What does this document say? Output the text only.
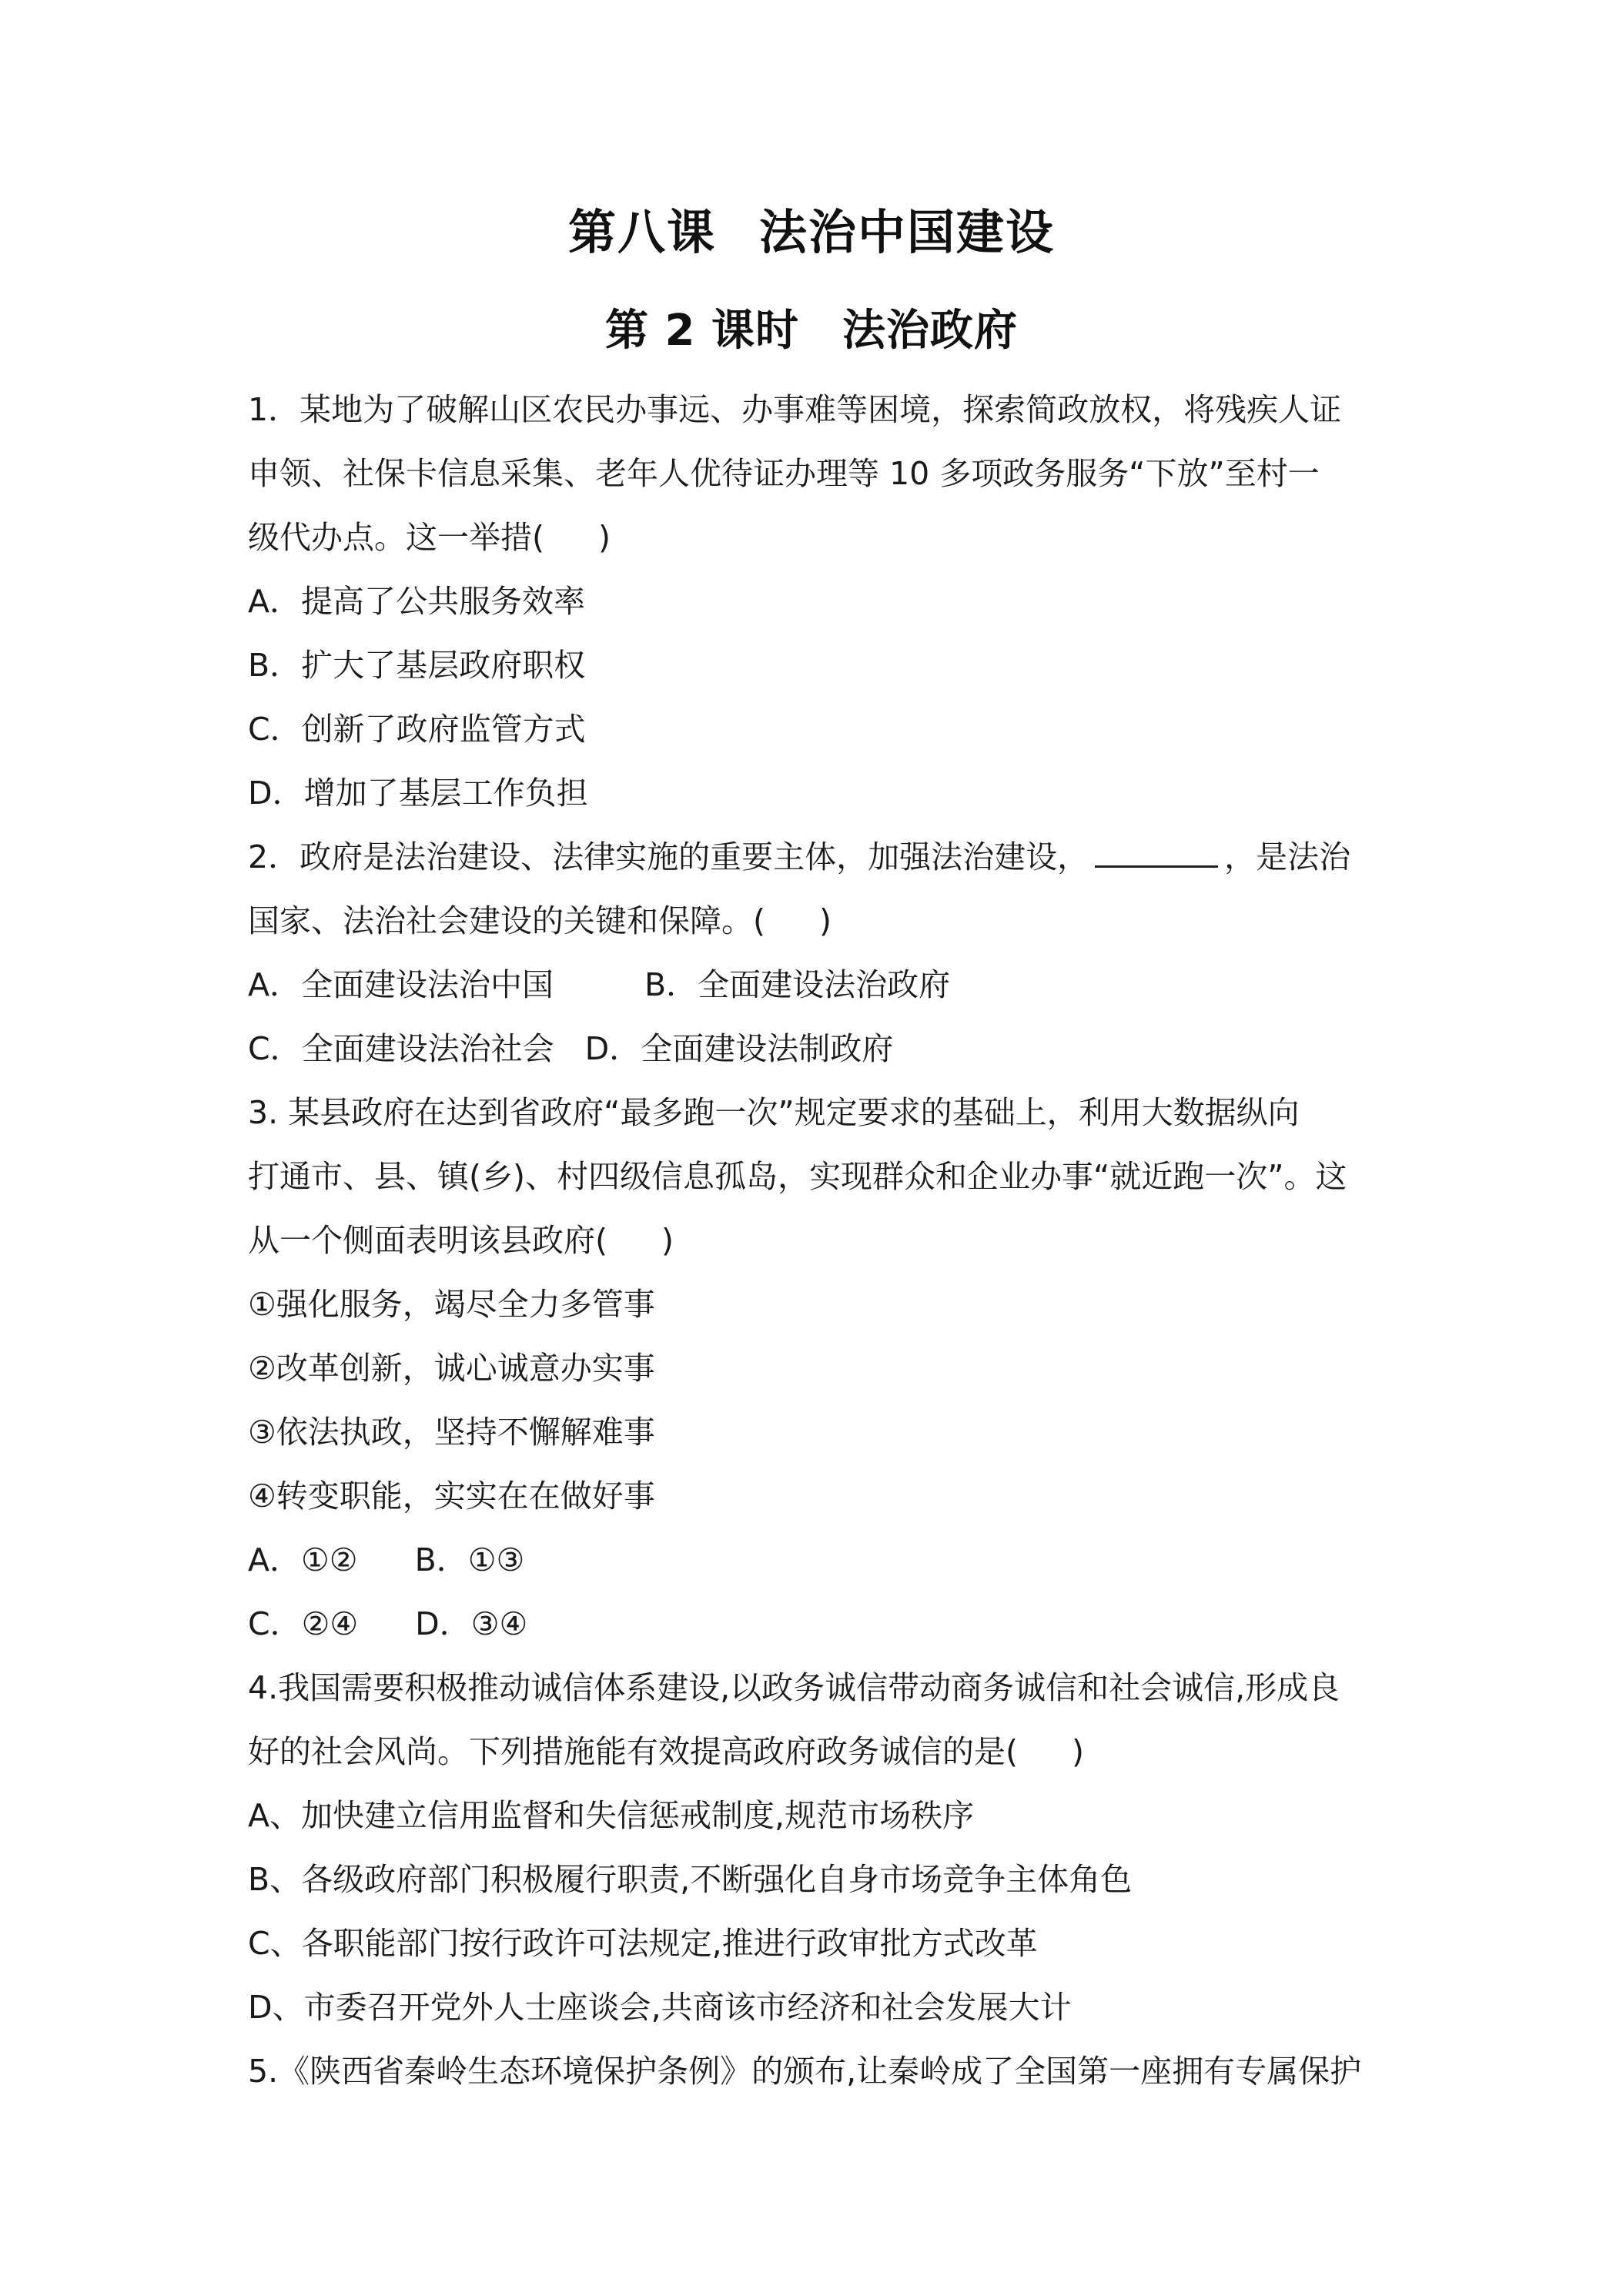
第八课 法治中国建设
第 2 课时 法治政府
1．某地为了破解山区农民办事远、办事难等困境，探索简政放权，将残疾人证
申领、社保卡信息采集、老年人优待证办理等 10 多项政务服务“下放”至村一
级代办点。这一举措( )
A．提高了公共服务效率
B．扩大了基层政府职权
C．创新了政府监管方式
D．增加了基层工作负担
2．政府是法治建设、法律实施的重要主体，加强法治建设，	，是法治
国家、法治社会建设的关键和保障。( )
A．全面建设法治中国	B．全面建设法治政府
C．全面建设法治社会 D．全面建设法制政府
3. 某县政府在达到省政府“最多跑一次”规定要求的基础上，利用大数据纵向
打通市、县、镇(乡)、村四级信息孤岛，实现群众和企业办事“就近跑一次”。这
从一个侧面表明该县政府( )
①强化服务，竭尽全力多管事
②改革创新，诚心诚意办实事
③依法执政，坚持不懈解难事
④转变职能，实实在在做好事
A．①② B．①③
C．②④ D．③④
4.我国需要积极推动诚信体系建设,以政务诚信带动商务诚信和社会诚信,形成良
好的社会风尚。下列措施能有效提高政府政务诚信的是( )
A、加快建立信用监督和失信惩戒制度,规范市场秩序
B、各级政府部门积极履行职责,不断强化自身市场竞争主体角色
C、各职能部门按行政许可法规定,推进行政审批方式改革
D、市委召开党外人士座谈会,共商该市经济和社会发展大计
5.《陕西省秦岭生态环境保护条例》的颁布,让秦岭成了全国第一座拥有专属保护
